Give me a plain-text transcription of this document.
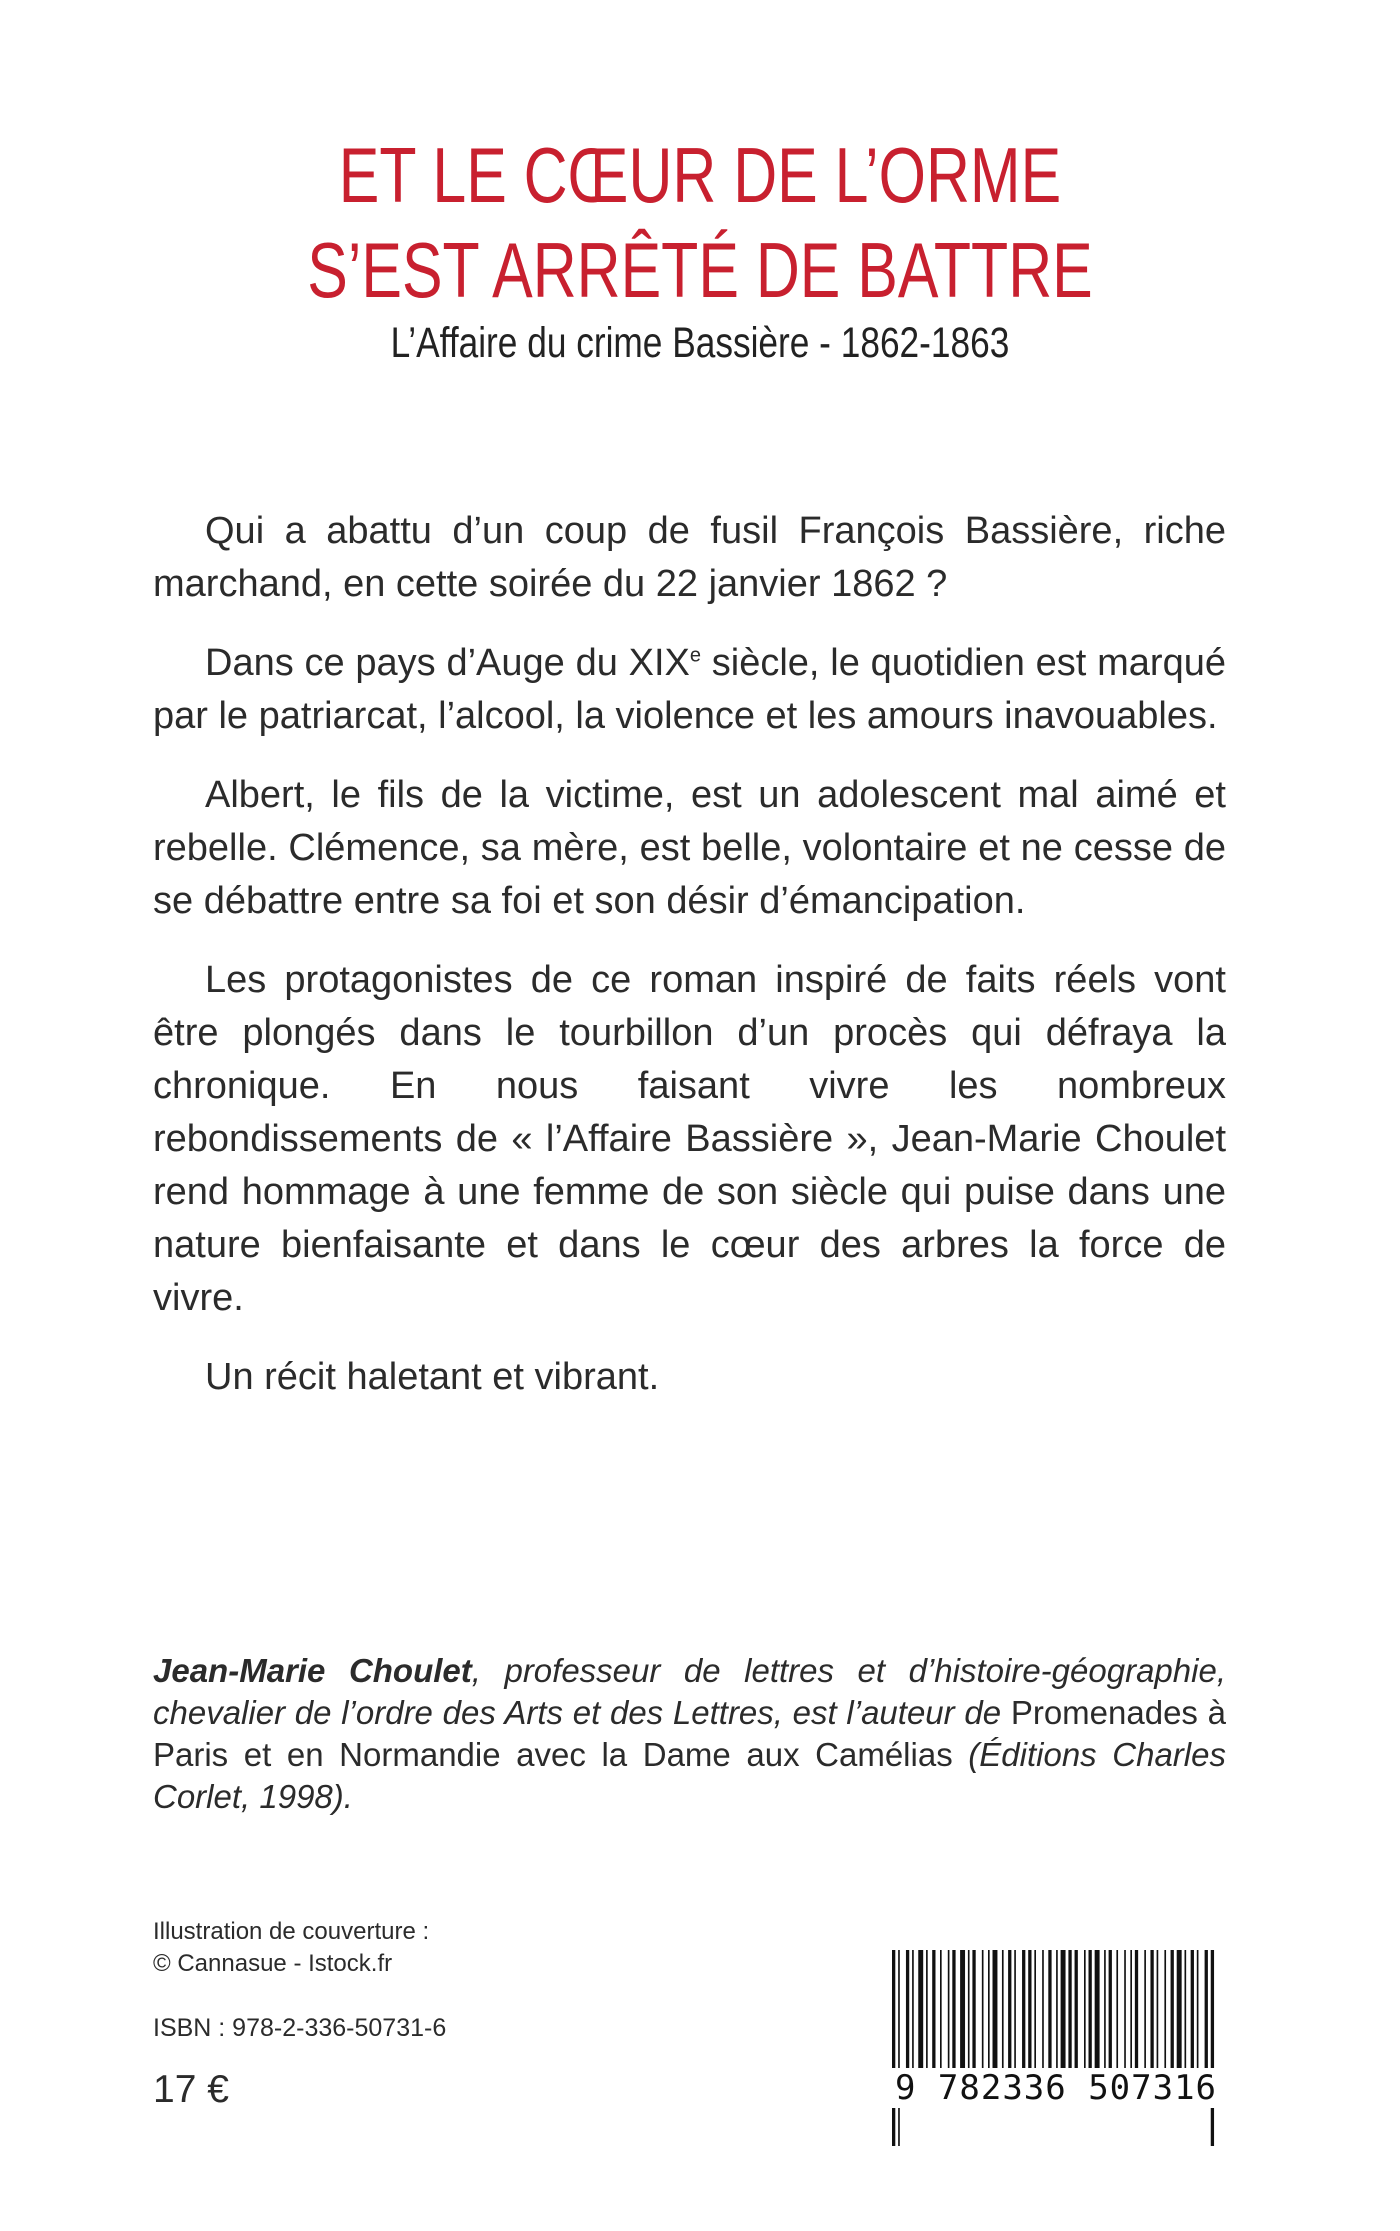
ET LE CŒUR DE L’ORME
S’EST ARRÊTÉ DE BATTRE
L’Affaire du crime Bassière - 1862-1863

Qui a abattu d’un coup de fusil François Bassière, riche marchand, en cette soirée du 22 janvier 1862 ?

Dans ce pays d’Auge du XIXe siècle, le quotidien est marqué par le patriarcat, l’alcool, la violence et les amours inavouables.

Albert, le fils de la victime, est un adolescent mal aimé et rebelle. Clémence, sa mère, est belle, volontaire et ne cesse de se débattre entre sa foi et son désir d’émancipation.

Les protagonistes de ce roman inspiré de faits réels vont être plongés dans le tourbillon d’un procès qui défraya la chronique. En nous faisant vivre les nombreux rebondissements de « l’Affaire Bassière », Jean-Marie Choulet rend hommage à une femme de son siècle qui puise dans une nature bienfaisante et dans le cœur des arbres la force de vivre.

Un récit haletant et vibrant.

Jean-Marie Choulet, professeur de lettres et d’histoire-géographie, chevalier de l’ordre des Arts et des Lettres, est l’auteur de Promenades à Paris et en Normandie avec la Dame aux Camélias (Éditions Charles Corlet, 1998).
Illustration de couverture :
© Cannasue - Istock.fr
ISBN : 978-2-336-50731-6
17 €	9 782336 507316
